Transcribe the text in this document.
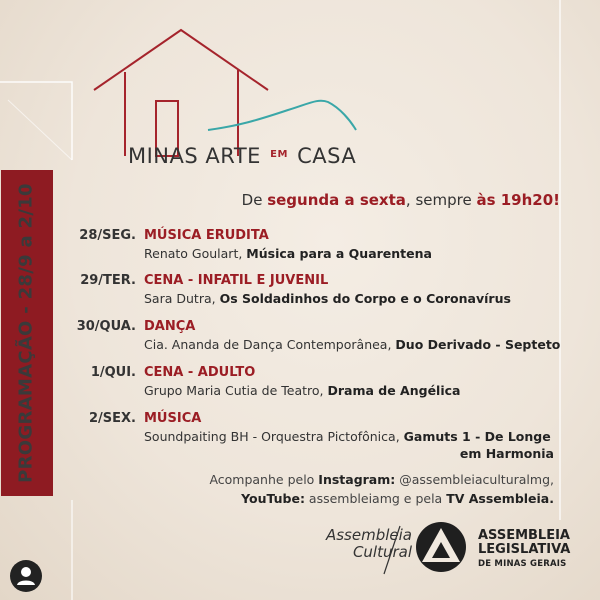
MINAS ARTE $^{EM}$ CASA
De segunda a sexta, sempre às 19h20!
PROGRAMAÇÃO - 28/9 a 2/10	28/SEG. MÚSICA ERUDITA
Renato Goulart, Música para a Quarentena
29/TER. CENA - INFATIL E JUVENIL
Sara Dutra, Os Soldadinhos do Corpo e o Coronavírus
30/QUA. DANÇA
Cia. Ananda de Dança Contemporânea, Duo Derivado - Septeto
1/QUI. CENA - ADULTO
Grupo Maria Cutia de Teatro, Drama de Angélica
2/SEX. MÚSICA
Soundpaiting BH - Orquestra Pictofônica, Gamuts 1 - De Longe
em Harmonia
Acompanhe pelo Instagram: @assembleiaculturalmg,
YouTube: assembleiamg e pela TV Assembleia.
Assembleia
Cultural
ASSEMBLEIA
LEGISLATIVA
DE MINAS GERAIS
